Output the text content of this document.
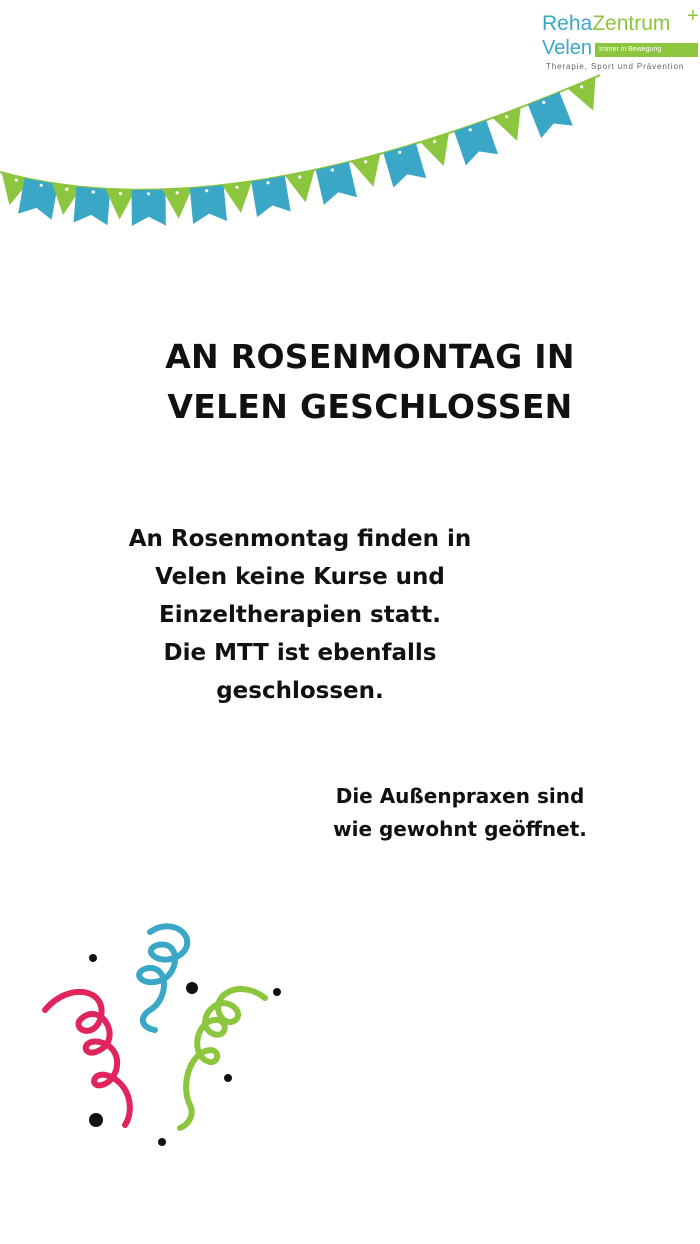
RehaZentrum +
Velen Immer in Bewegung
Therapie, Sport und Prävention
AN ROSENMONTAG IN
VELEN GESCHLOSSEN

An Rosenmontag finden in
Velen keine Kurse und
Einzeltherapien statt.
Die MTT ist ebenfalls
geschlossen.

Die Außenpraxen sind
wie gewohnt geöffnet.
